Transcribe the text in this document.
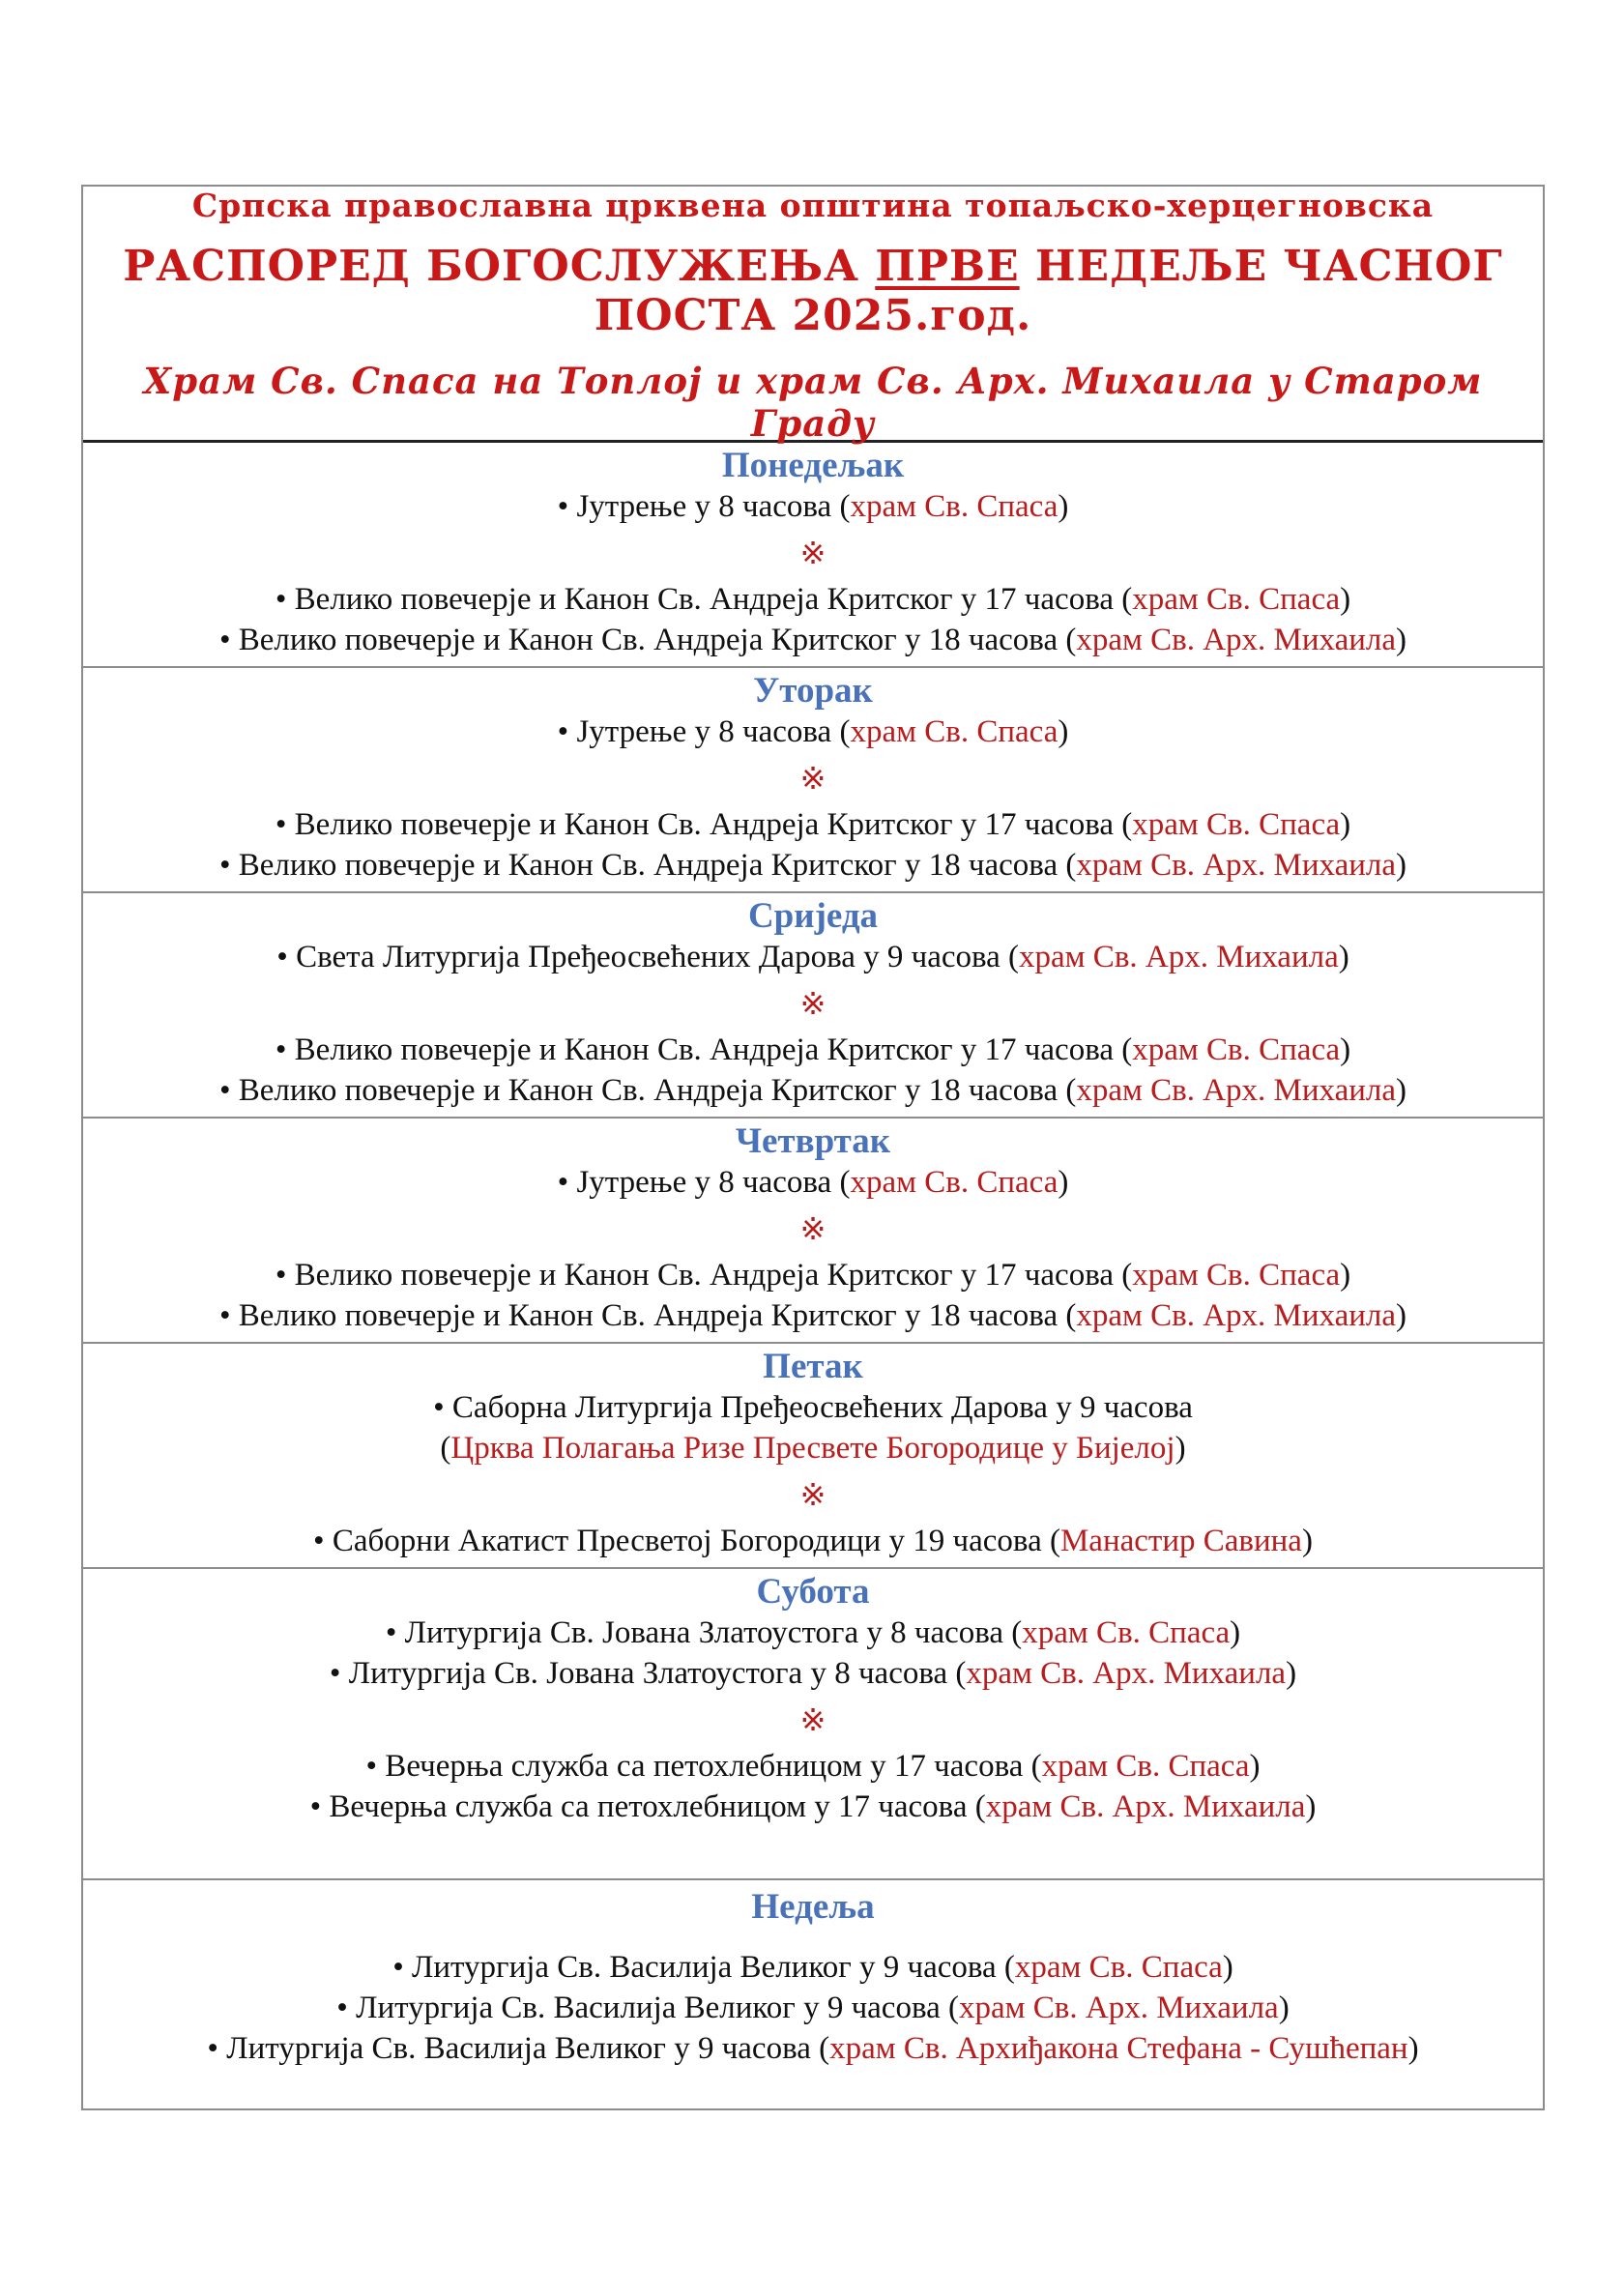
Српска православна црквена општина топаљско-херцегновска
РАСПОРЕД БОГОСЛУЖЕЊА ПРВЕ НЕДЕЉЕ ЧАСНОГ ПОСТА 2025.год.
Храм Св. Спаса на Топлој и храм Св. Арх. Михаила у Старом Граду
Понедељак
• Јутрење у 8 часова (храм Св. Спаса)
※
• Велико повечерје и Канон Св. Андреја Критског у 17 часова (храм Св. Спаса)
• Велико повечерје и Канон Св. Андреја Критског у 18 часова (храм Св. Арх. Михаила)
Уторак
• Јутрење у 8 часова (храм Св. Спаса)
※
• Велико повечерје и Канон Св. Андреја Критског у 17 часова (храм Св. Спаса)
• Велико повечерје и Канон Св. Андреја Критског у 18 часова (храм Св. Арх. Михаила)
Сриједа
• Света Литургија Пређеосвећених Дарова у 9 часова (храм Св. Арх. Михаила)
※
• Велико повечерје и Канон Св. Андреја Критског у 17 часова (храм Св. Спаса)
• Велико повечерје и Канон Св. Андреја Критског у 18 часова (храм Св. Арх. Михаила)
Четвртак
• Јутрење у 8 часова (храм Св. Спаса)
※
• Велико повечерје и Канон Св. Андреја Критског у 17 часова (храм Св. Спаса)
• Велико повечерје и Канон Св. Андреја Критског у 18 часова (храм Св. Арх. Михаила)
Петак
• Саборна Литургија Пређеосвећених Дарова у 9 часова
(Црква Полагања Ризе Пресвете Богородице у Бијелој)
※
• Саборни Акатист Пресветој Богородици у 19 часова (Манастир Савина)
Субота
• Литургија Св. Јована Златоустога у 8 часова (храм Св. Спаса)
• Литургија Св. Јована Златоустога у 8 часова (храм Св. Арх. Михаила)
※
• Вечерња служба са петохлебницом у 17 часова (храм Св. Спаса)
• Вечерња служба са петохлебницом у 17 часова (храм Св. Арх. Михаила)
Недеља
• Литургија Св. Василија Великог у 9 часова (храм Св. Спаса)
• Литургија Св. Василија Великог у 9 часова (храм Св. Арх. Михаила)
• Литургија Св. Василија Великог у 9 часова (храм Св. Архиђакона Стефана - Сушћепан)
